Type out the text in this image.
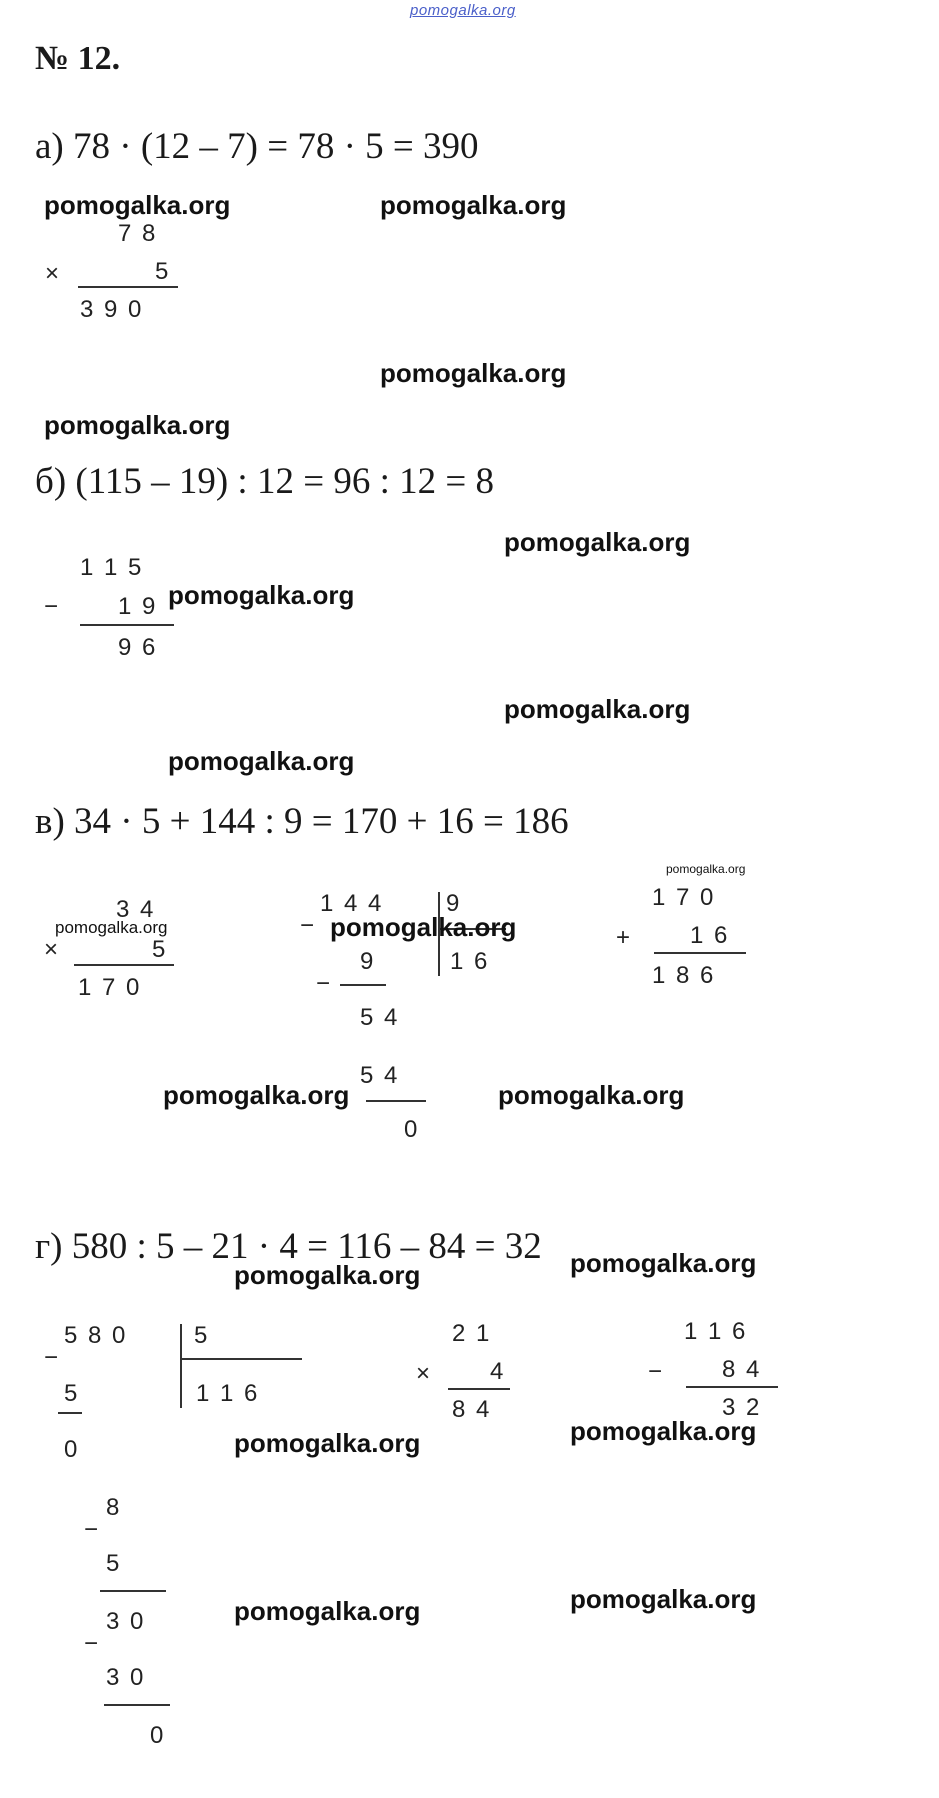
pomogalka.org
№ 12.
а) 78 · (12 – 7) = 78 · 5 = 390
pomogalka.org	pomogalka.org
7 8
×	5
3 9 0
pomogalka.org
pomogalka.org
б) (115 – 19) : 12 = 96 : 12 = 8
pomogalka.org
1 1 5
− 1 9
9 6
pomogalka.org
pomogalka.org
pomogalka.org
в) 34 · 5 + 144 : 9 = 170 + 16 = 186
3 4
×	5
1 7 0
pomogalka.org
1 4 4
−
9
1 6
9
−
5 4
5 4
0
pomogalka.org
1 7 0
+ 1 6
1 8 6
pomogalka.org
pomogalka.org	pomogalka.org
г) 580 : 5 – 21 · 4 = 116 – 84 = 32
pomogalka.org	pomogalka.org
5 8 0
−
5
1 1 6
5
0
8
−
5
3 0
−
3 0
0
2 1
× 4
8 4
1 1 6
− 8 4
3 2
pomogalka.org	pomogalka.org
pomogalka.org	pomogalka.org
